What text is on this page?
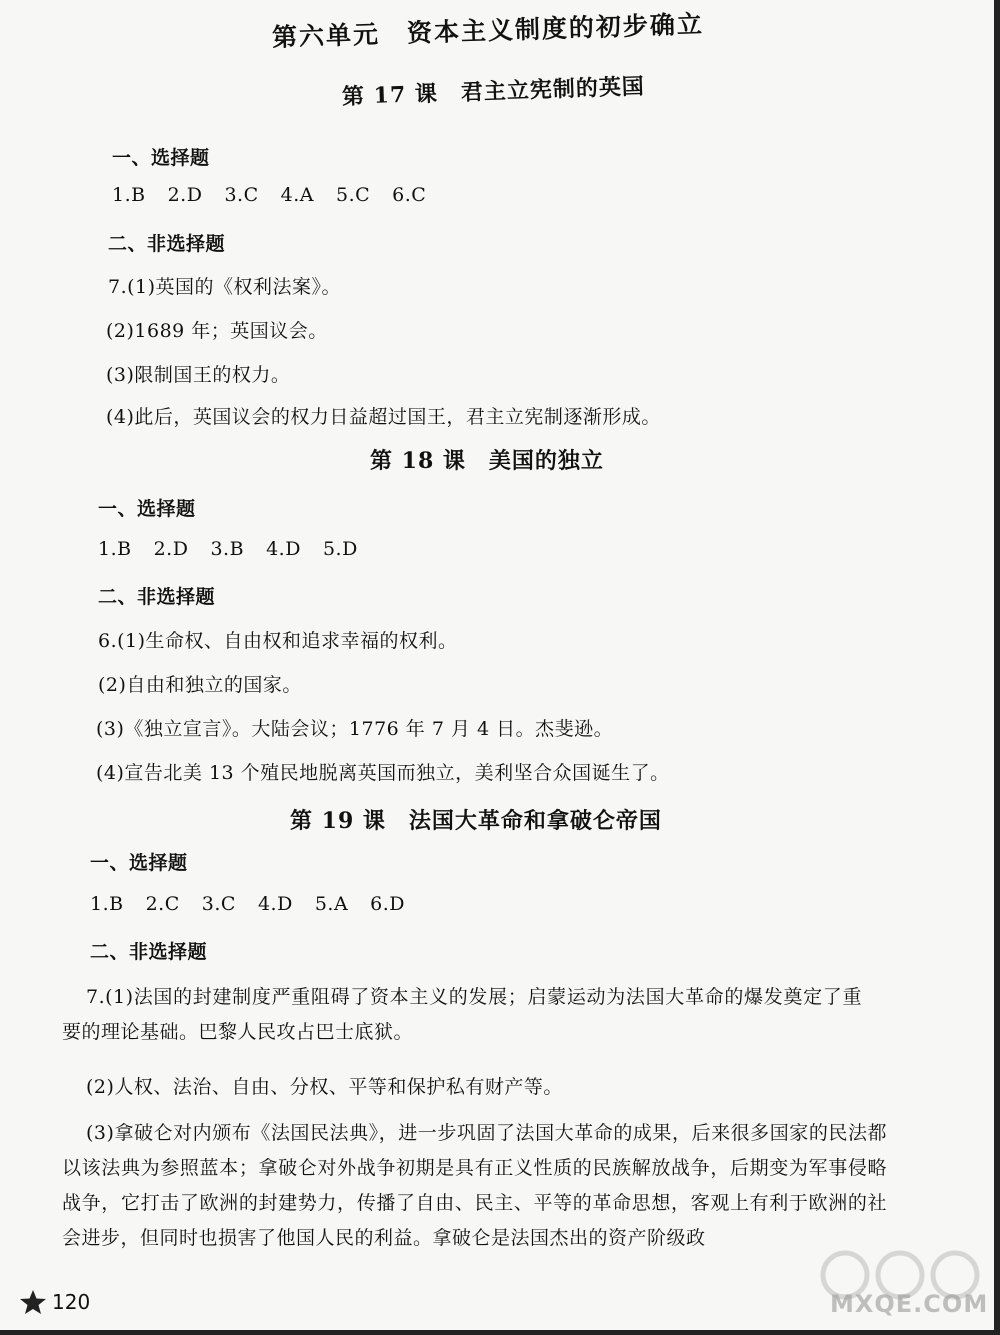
第六单元　资本主义制度的初步确立
第 17 课　君主立宪制的英国
一、选择题
1.B 2.D 3.C 4.A 5.C 6.C
二、非选择题
7.(1)英国的《权利法案》。
(2)1689 年；英国议会。
(3)限制国王的权力。
(4)此后，英国议会的权力日益超过国王，君主立宪制逐渐形成。
第 18 课　美国的独立
一、选择题
1.B 2.D 3.B 4.D 5.D
二、非选择题
6.(1)生命权、自由权和追求幸福的权利。
(2)自由和独立的国家。
(3)《独立宣言》。大陆会议；1776 年 7 月 4 日。杰斐逊。
(4)宣告北美 13 个殖民地脱离英国而独立，美利坚合众国诞生了。
第 19 课　法国大革命和拿破仑帝国
一、选择题
1.B 2.C 3.C 4.D 5.A 6.D
二、非选择题
7.(1)法国的封建制度严重阻碍了资本主义的发展；启蒙运动为法国大革命的爆发奠定了重要的理论基础。巴黎人民攻占巴士底狱。
(2)人权、法治、自由、分权、平等和保护私有财产等。
(3)拿破仑对内颁布《法国民法典》，进一步巩固了法国大革命的成果，后来很多国家的民法都以该法典为参照蓝本；拿破仑对外战争初期是具有正义性质的民族解放战争，后期变为军事侵略战争，它打击了欧洲的封建势力，传播了自由、民主、平等的革命思想，客观上有利于欧洲的社会进步，但同时也损害了他国人民的利益。拿破仑是法国杰出的资产阶级政
120	MXQE.COM
